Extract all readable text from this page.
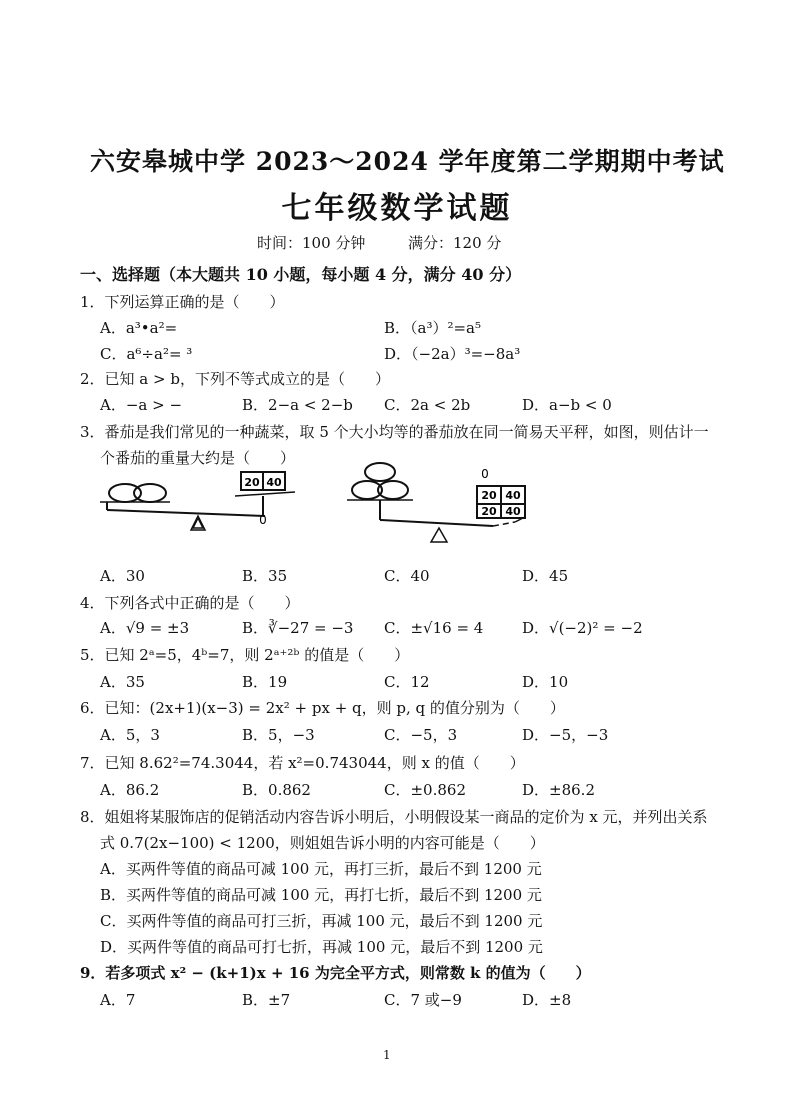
六安皋城中学 2023～2024 学年度第二学期期中考试
七年级数学试题
时间：100 分钟	满分：120 分
一、选择题（本大题共 10 小题，每小题 4 分，满分 40 分）
1．下列运算正确的是（　　）
A．a³•a²=	B．（a³）²=a⁵
C．a⁶÷a²= ³	D．（−2a）³=−8a³
2．已知 a > b，下列不等式成立的是（　　）
A．−a > −	B．2−a < 2−b C．2a < 2b	D．a−b < 0
3．番茄是我们常见的一种蔬菜，取 5 个大小均等的番茄放在同一简易天平秤，如图，则估计一
个番茄的重量大约是（　　）
20 40
0
20 40
20 40
0
A．30	B．35	C．40	D．45
4．下列各式中正确的是（　　）
A．√9 = ±3	B．∛−27 = −3 C．±√16 = 4	D．√(−2)² = −2
5．已知 2ᵃ=5，4ᵇ=7，则 2ᵃ⁺²ᵇ 的值是（　　）
A．35	B．19	C．12	D．10
6．已知：(2x+1)(x−3) = 2x² + px + q，则 p, q 的值分别为（　　）
A．5，3	B．5，−3	C．−5，3	D．−5，−3
7．已知 8.62²=74.3044，若 x²=0.743044，则 x 的值（　　）
A．86.2	B．0.862	C．±0.862	D．±86.2
8．姐姐将某服饰店的促销活动内容告诉小明后，小明假设某一商品的定价为 x 元，并列出关系
式 0.7(2x−100) < 1200，则姐姐告诉小明的内容可能是（　　）
A．买两件等值的商品可减 100 元，再打三折，最后不到 1200 元
B．买两件等值的商品可减 100 元，再打七折，最后不到 1200 元
C．买两件等值的商品可打三折，再减 100 元，最后不到 1200 元
D．买两件等值的商品可打七折，再减 100 元，最后不到 1200 元
9．若多项式 x² − (k+1)x + 16 为完全平方式，则常数 k 的值为（　　）
A．7	B．±7	C．7 或−9	D．±8
1
